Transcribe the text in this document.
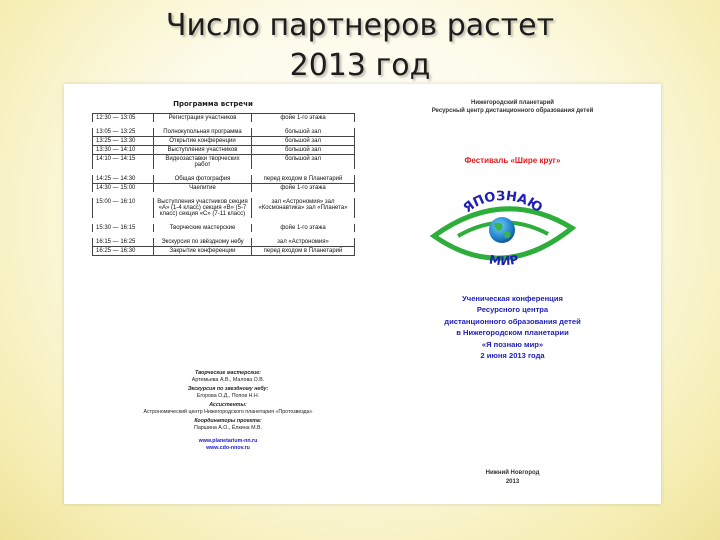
Число партнеров растет
2013 год
Программа встречи
12:30 — 13:05	Регистрация участников	фойе 1-го этажа
13:05 — 13:25	Полнокупольная программа	большой зал
13:25 — 13:30	Открытие конференции	большой зал
13:30 — 14:10	Выступления участников	большой зал
14:10 — 14:15	Видеозаставки творческих работ	большой зал
14:25 — 14:30	Общая фотография	перед входом в Планетарий
14:30 — 15:00	Чаепитие	фойе 1-го этажа
15:00 — 16:10	Выступления участников секция «А» (1-4 класс) секция «В» (5-7 класс) секция «С» (7-11 класс)	зал «Астрономия» зал «Космонавтика» зал «Планета»
15:30 — 16:15	Творческие мастерские	фойе 1-го этажа
16:15 — 16:25	Экскурсия по звёздному небу	зал «Астрономия»
16:25 — 16:30	Закрытие конференции	перед входом в Планетарий
Творческие мастерские:
Артемьева А.В., Малова О.В.
Экскурсия по звездному небу:
Егорова О.Д., Попов Н.Н.
Ассистенты:
Астрономический центр Нижегородского планетария «Протозвезда»
Координаторы проекта:
Паршина А.О., Ёлкина М.В.
www.planetarium-nn.ru
www.cdo-nnov.ru
Нижегородский планетарий
Ресурсный центр дистанционного образования детей
Фестиваль «Шире круг»
ЯПОЗНАЮ
МИР
Ученическая конференция
Ресурсного центра
дистанционного образования детей
в Нижегородском планетарии
«Я познаю мир»
2 июня 2013 года
Нижний Новгород
2013
